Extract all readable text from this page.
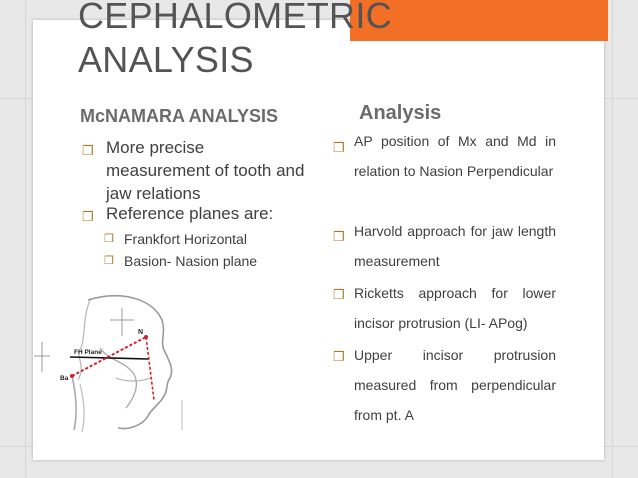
CEPHALOMETRIC
ANALYSIS
McNAMARA ANALYSIS
❒ More precise measurement of tooth and jaw relations
❒ Reference planes are:
❒ Frankfort Horizontal
❒ Basion- Nasion plane
Analysis
❒ AP position of Mx and Md in relation to Nasion Perpendicular
❒ Harvold approach for jaw length measurement
❒ Ricketts approach for lower incisor protrusion (LI- APog)
❒ Upper incisor protrusion measured from perpendicular from pt. A
N
FH Plane
Ba
